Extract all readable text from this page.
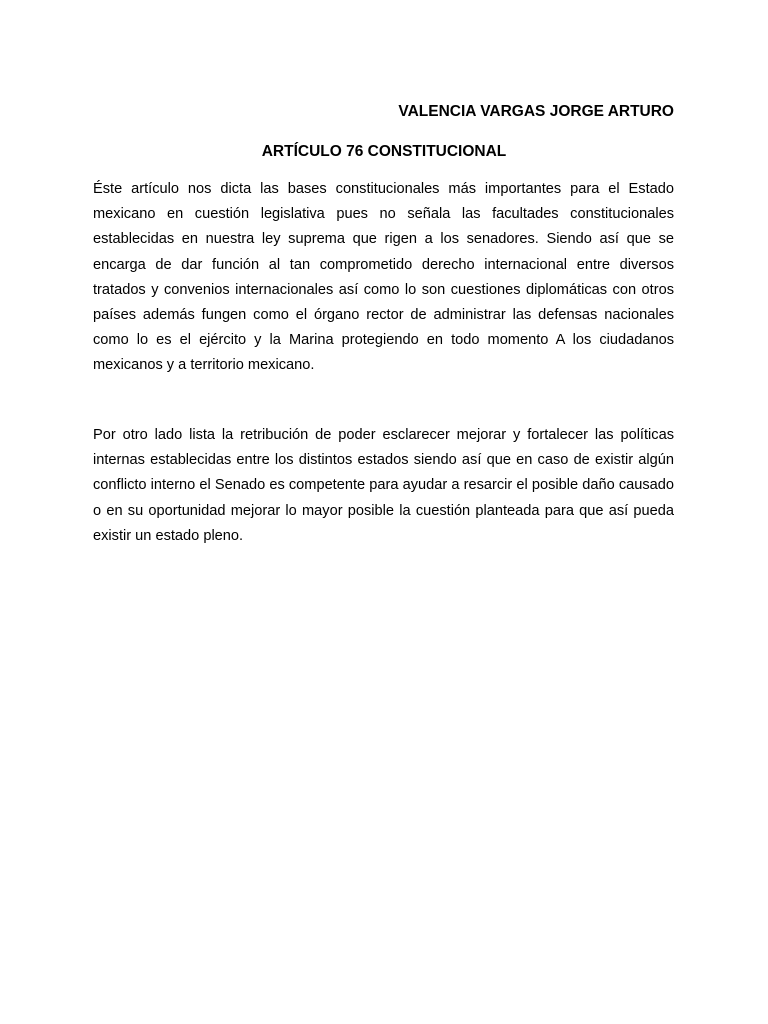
VALENCIA VARGAS JORGE ARTURO
ARTÍCULO 76 CONSTITUCIONAL

Éste artículo nos dicta las bases constitucionales más importantes para el Estado mexicano en cuestión legislativa pues no señala las facultades constitucionales establecidas en nuestra ley suprema que rigen a los senadores. Siendo así que se encarga de dar función al tan comprometido derecho internacional entre diversos tratados y convenios internacionales así como lo son cuestiones diplomáticas con otros países además fungen como el órgano rector de administrar las defensas nacionales como lo es el ejército y la Marina protegiendo en todo momento A los ciudadanos mexicanos y a territorio mexicano.

Por otro lado lista la retribución de poder esclarecer mejorar y fortalecer las políticas internas establecidas entre los distintos estados siendo así que en caso de existir algún conflicto interno el Senado es competente para ayudar a resarcir el posible daño causado o en su oportunidad mejorar lo mayor posible la cuestión planteada para que así pueda existir un estado pleno.
